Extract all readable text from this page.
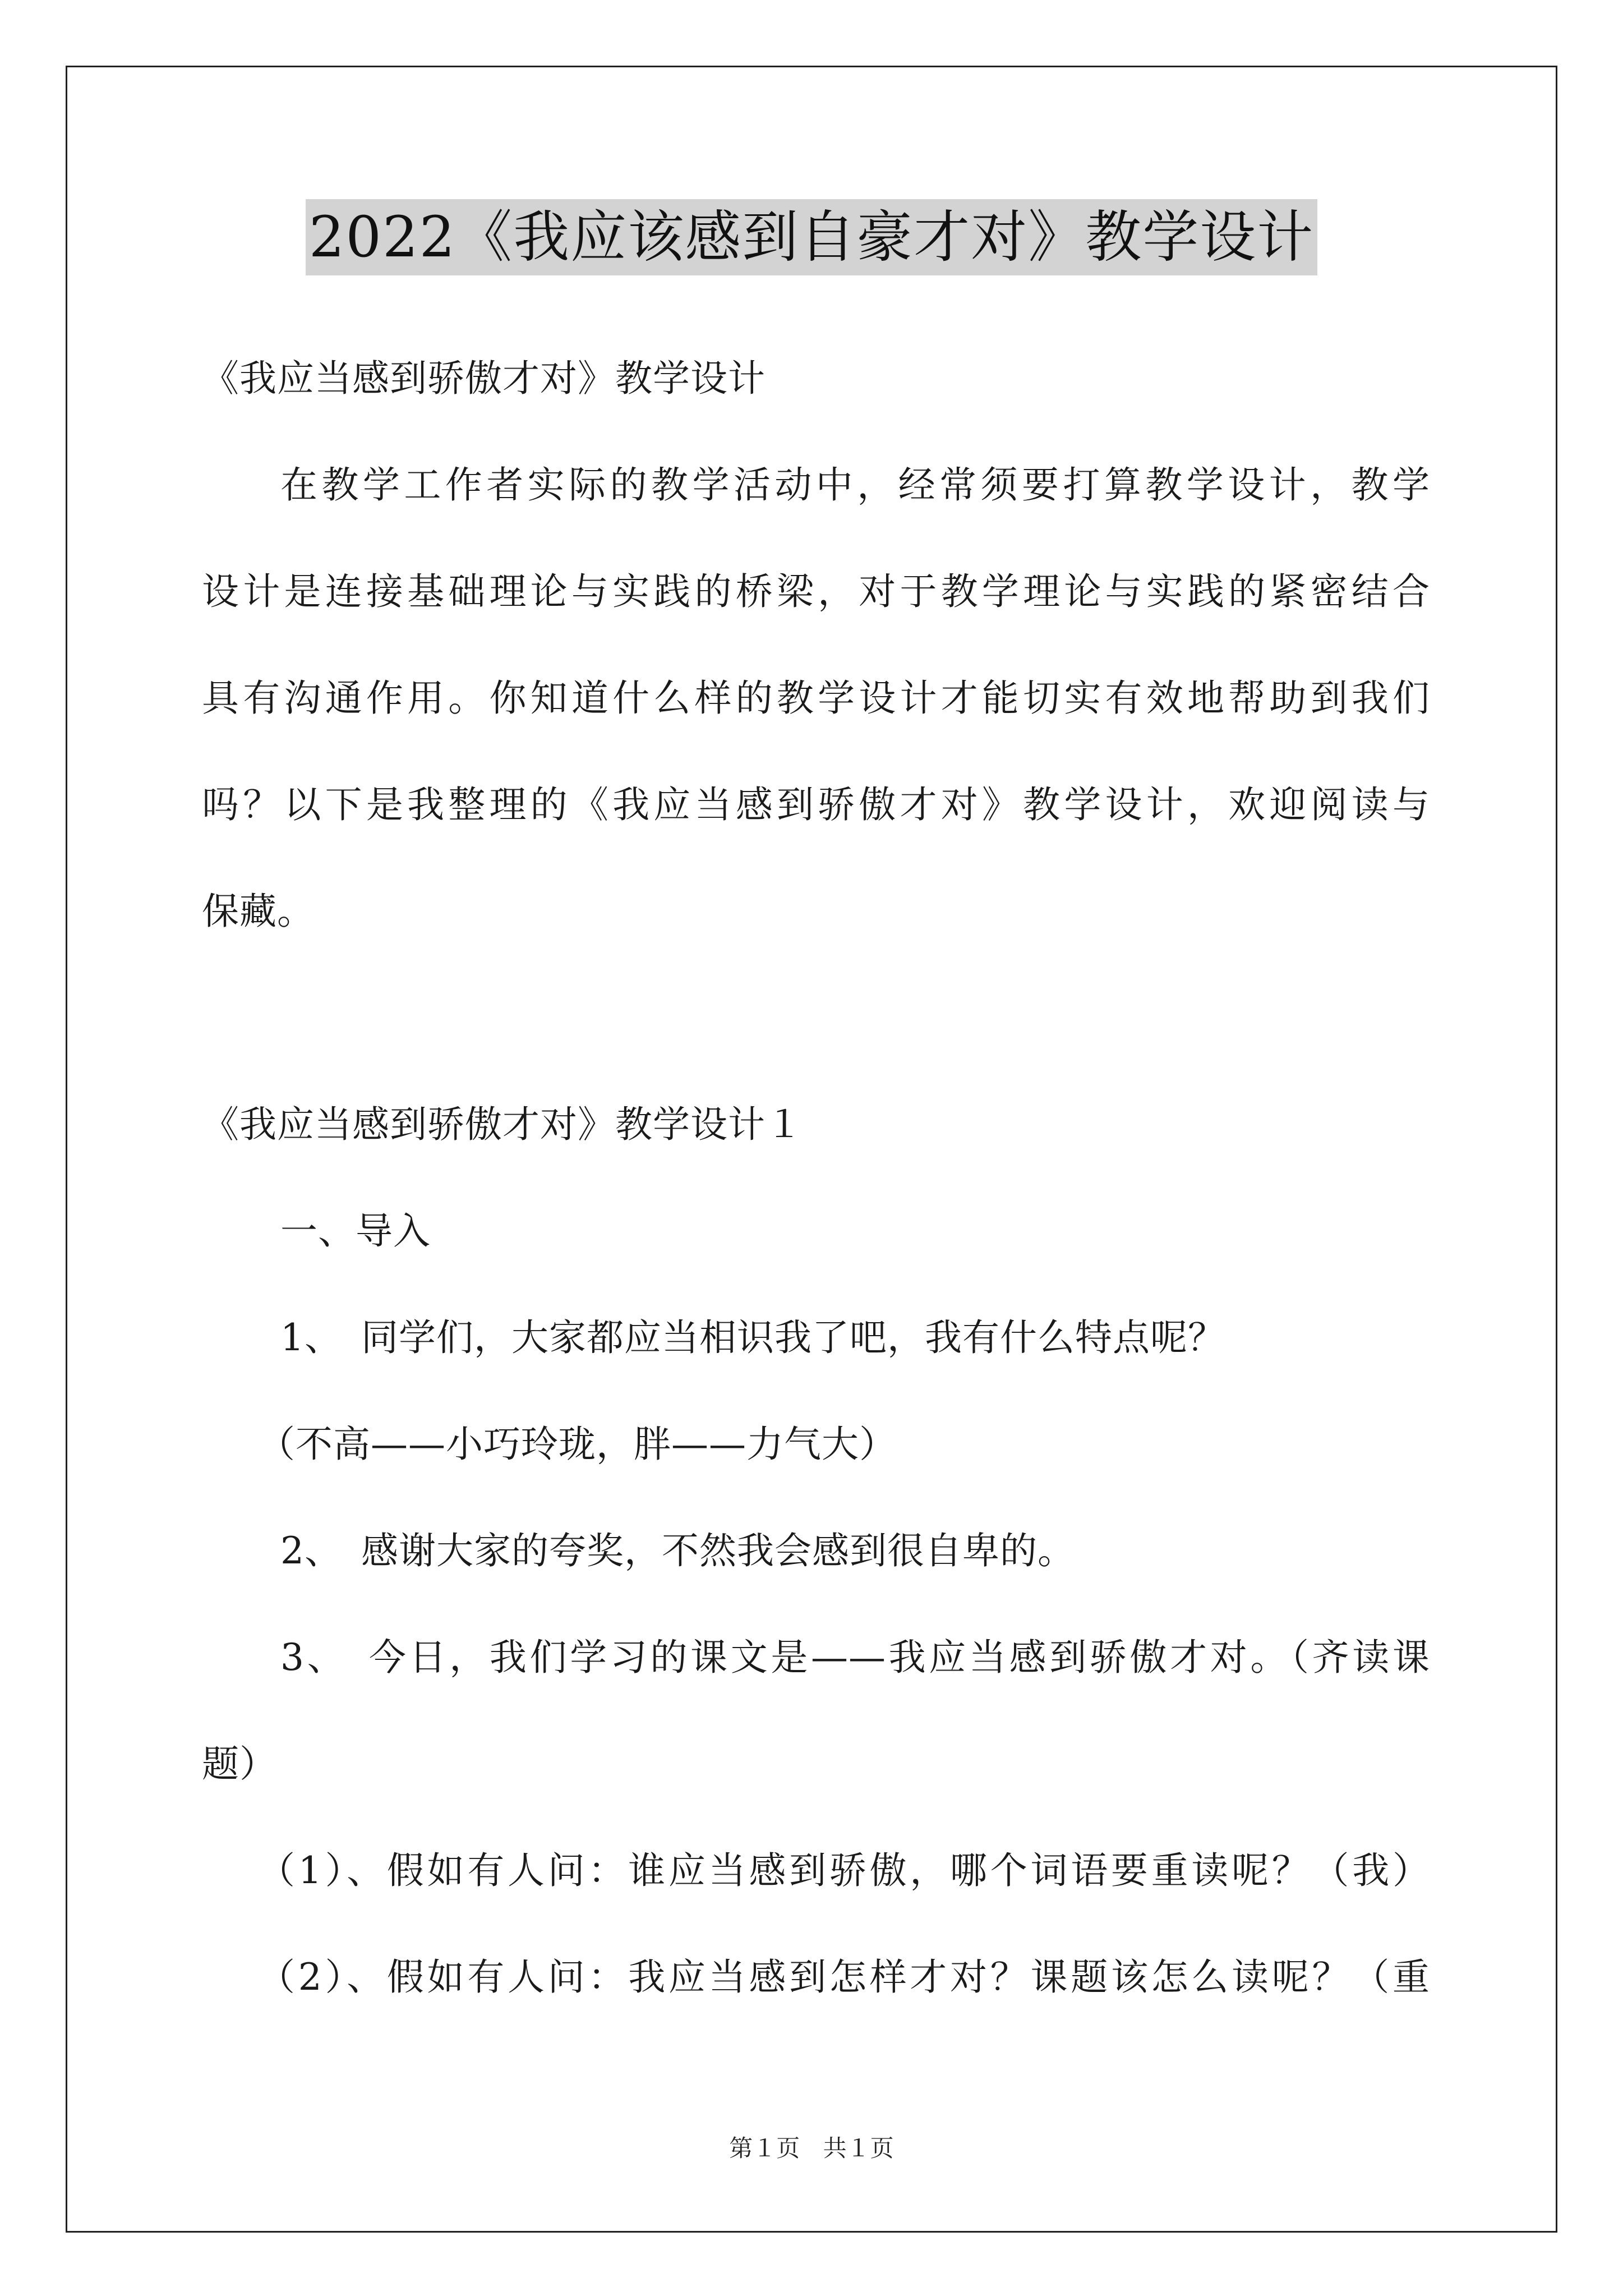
2022《我应该感到自豪才对》教学设计
《我应当感到骄傲才对》教学设计
在教学工作者实际的教学活动中，经常须要打算教学设计，教学
设计是连接基础理论与实践的桥梁，对于教学理论与实践的紧密结合
具有沟通作用。你知道什么样的教学设计才能切实有效地帮助到我们
吗？以下是我整理的《我应当感到骄傲才对》教学设计，欢迎阅读与
保藏。
《我应当感到骄傲才对》教学设计１
一、导入
1、　同学们，大家都应当相识我了吧，我有什么特点呢？
（不高——小巧玲珑，胖——力气大）
2、　感谢大家的夸奖，不然我会感到很自卑的。
3、　今日，我们学习的课文是——我应当感到骄傲才对。（齐读课
题）
（1）、假如有人问：谁应当感到骄傲，哪个词语要重读呢？（我）
（2）、假如有人问：我应当感到怎样才对？课题该怎么读呢？（重
第１页 共１页
